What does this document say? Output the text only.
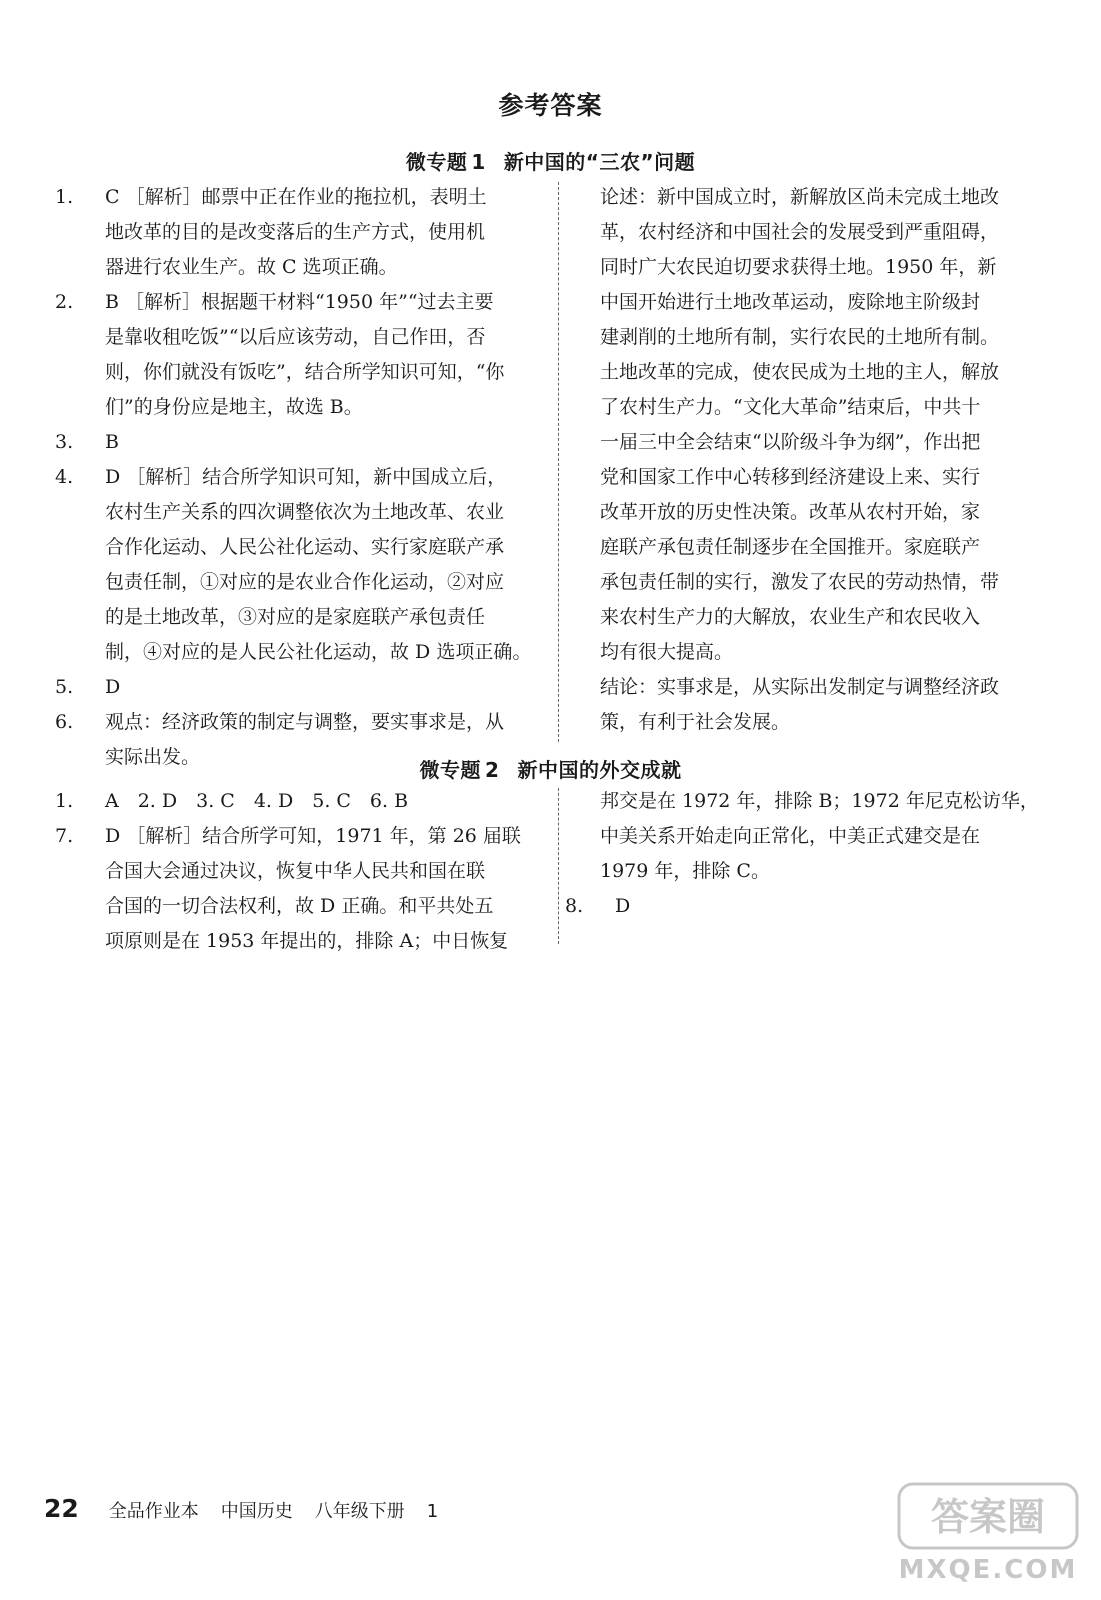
参考答案
微专题 1 新中国的“三农”问题
1. C ［解析］邮票中正在作业的拖拉机，表明土
地改革的目的是改变落后的生产方式，使用机
器进行农业生产。故 C 选项正确。
2. B ［解析］根据题干材料“1950 年”“过去主要
是靠收租吃饭”“以后应该劳动，自己作田，否
则，你们就没有饭吃”，结合所学知识可知，“你
们”的身份应是地主，故选 B。
3. B
4. D ［解析］结合所学知识可知，新中国成立后，
农村生产关系的四次调整依次为土地改革、农业
合作化运动、人民公社化运动、实行家庭联产承
包责任制，①对应的是农业合作化运动，②对应
的是土地改革，③对应的是家庭联产承包责任
制，④对应的是人民公社化运动，故 D 选项正确。
5. D
6. 观点：经济政策的制定与调整，要实事求是，从
实际出发。
论述：新中国成立时，新解放区尚未完成土地改
革，农村经济和中国社会的发展受到严重阻碍，
同时广大农民迫切要求获得土地。1950 年，新
中国开始进行土地改革运动，废除地主阶级封
建剥削的土地所有制，实行农民的土地所有制。
土地改革的完成，使农民成为土地的主人，解放
了农村生产力。“文化大革命”结束后，中共十
一届三中全会结束“以阶级斗争为纲”，作出把
党和国家工作中心转移到经济建设上来、实行
改革开放的历史性决策。改革从农村开始，家
庭联产承包责任制逐步在全国推开。家庭联产
承包责任制的实行，激发了农民的劳动热情，带
来农村生产力的大解放，农业生产和农民收入
均有很大提高。
结论：实事求是，从实际出发制定与调整经济政
策，有利于社会发展。
微专题 2 新中国的外交成就
1. A　2. D　3. C　4. D　5. C　6. B
7. D ［解析］结合所学可知，1971 年，第 26 届联
合国大会通过决议，恢复中华人民共和国在联
合国的一切合法权利，故 D 正确。和平共处五
项原则是在 1953 年提出的，排除 A；中日恢复
邦交是在 1972 年，排除 B；1972 年尼克松访华，
中美关系开始走向正常化，中美正式建交是在
1979 年，排除 C。
8. D
22 全品作业本 中国历史 八年级下册 1	答案圈
MXQE.COM
